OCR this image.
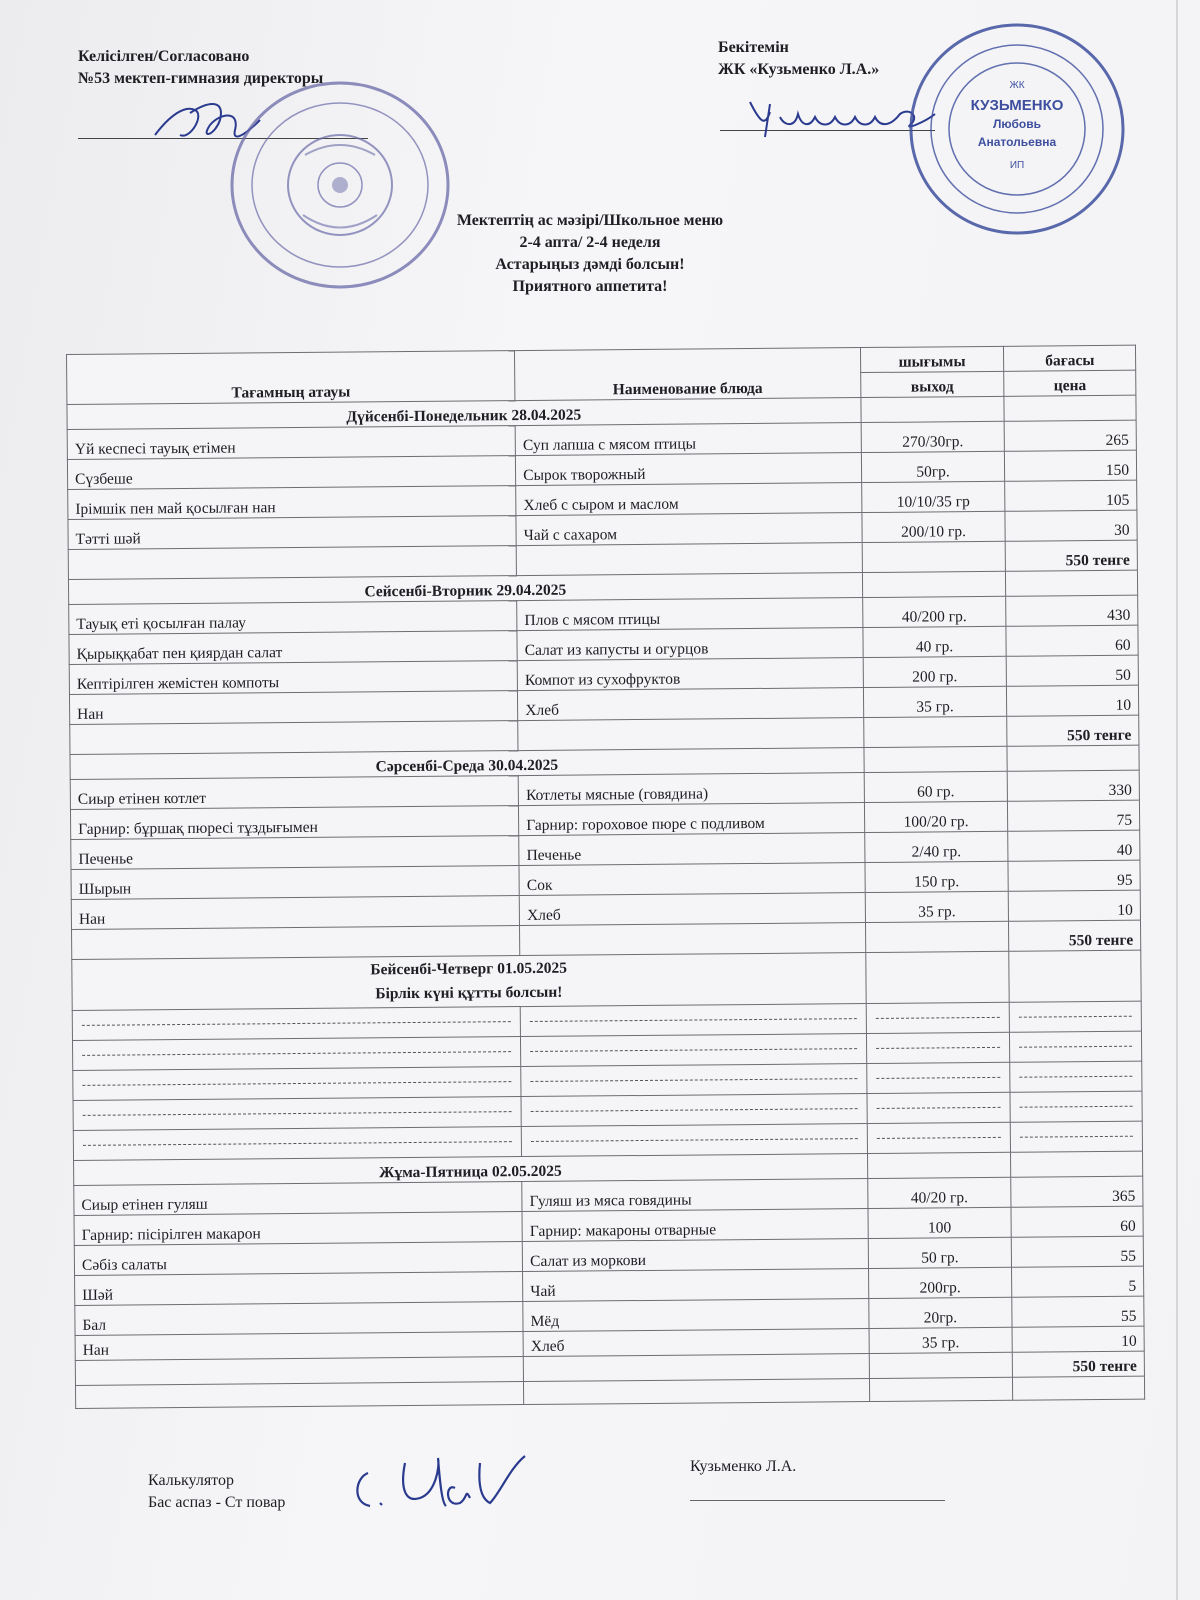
Келісілген/Согласовано
№53 мектеп-гимназия директоры
Бекітемін
ЖК «Кузьменко Л.А.»
ЖК
КУЗЬМЕНКО
Любовь
Анатольевна
ИП
Мектептің ас мәзірі/Школьное меню
2-4 апта/ 2-4 неделя
Астарыңыз дәмді болсын!
Приятного аппетита!
Тағамның атауы	Наименование блюда	шығымы	бағасы
		выход	цена
Дүйсенбі-Понедельник 28.04.2025			
Үй кеспесі тауық етімен	Суп лапша с мясом птицы	270/30гр.	265
Сүзбеше	Сырок творожный	50гр.	150
Ірімшік пен май қосылған нан	Хлеб с сыром и маслом	10/10/35 гр	105
Тәтті шәй	Чай с сахаром	200/10 гр.	30
			550 тенге
Сейсенбі-Вторник 29.04.2025			
Тауық еті қосылған палау	Плов с мясом птицы	40/200 гр.	430
Қырыққабат пен қиярдан салат	Салат из капусты и огурцов	40 гр.	60
Кептірілген жемістен компоты	Компот из сухофруктов	200 гр.	50
Нан	Хлеб	35 гр.	10
			550 тенге
Сәрсенбі-Среда 30.04.2025			
Сиыр етінен котлет	Котлеты мясные (говядина)	60 гр.	330
Гарнир: бұршақ пюресі тұздығымен	Гарнир: гороховое пюре с подливом	100/20 гр.	75
Печенье	Печенье	2/40 гр.	40
Шырын	Сок	150 гр.	95
Нан	Хлеб	35 гр.	10
			550 тенге

Бейсенбі-Четверг 01.05.2025
Бірлік күні құтты болсын!			

Жұма-Пятница 02.05.2025			
Сиыр етінен гуляш	Гуляш из мяса говядины	40/20 гр.	365
Гарнир: пісірілген макарон	Гарнир: макароны отварные	100	60
Сәбіз салаты	Салат из моркови	50 гр.	55
Шәй	Чай	200гр.	5
Бал	Мёд	20гр.	55
Нан	Хлеб	35 гр.	10
			550 тенге

Калькулятор
Бас аспаз - Ст повар
Кузьменко Л.А.
